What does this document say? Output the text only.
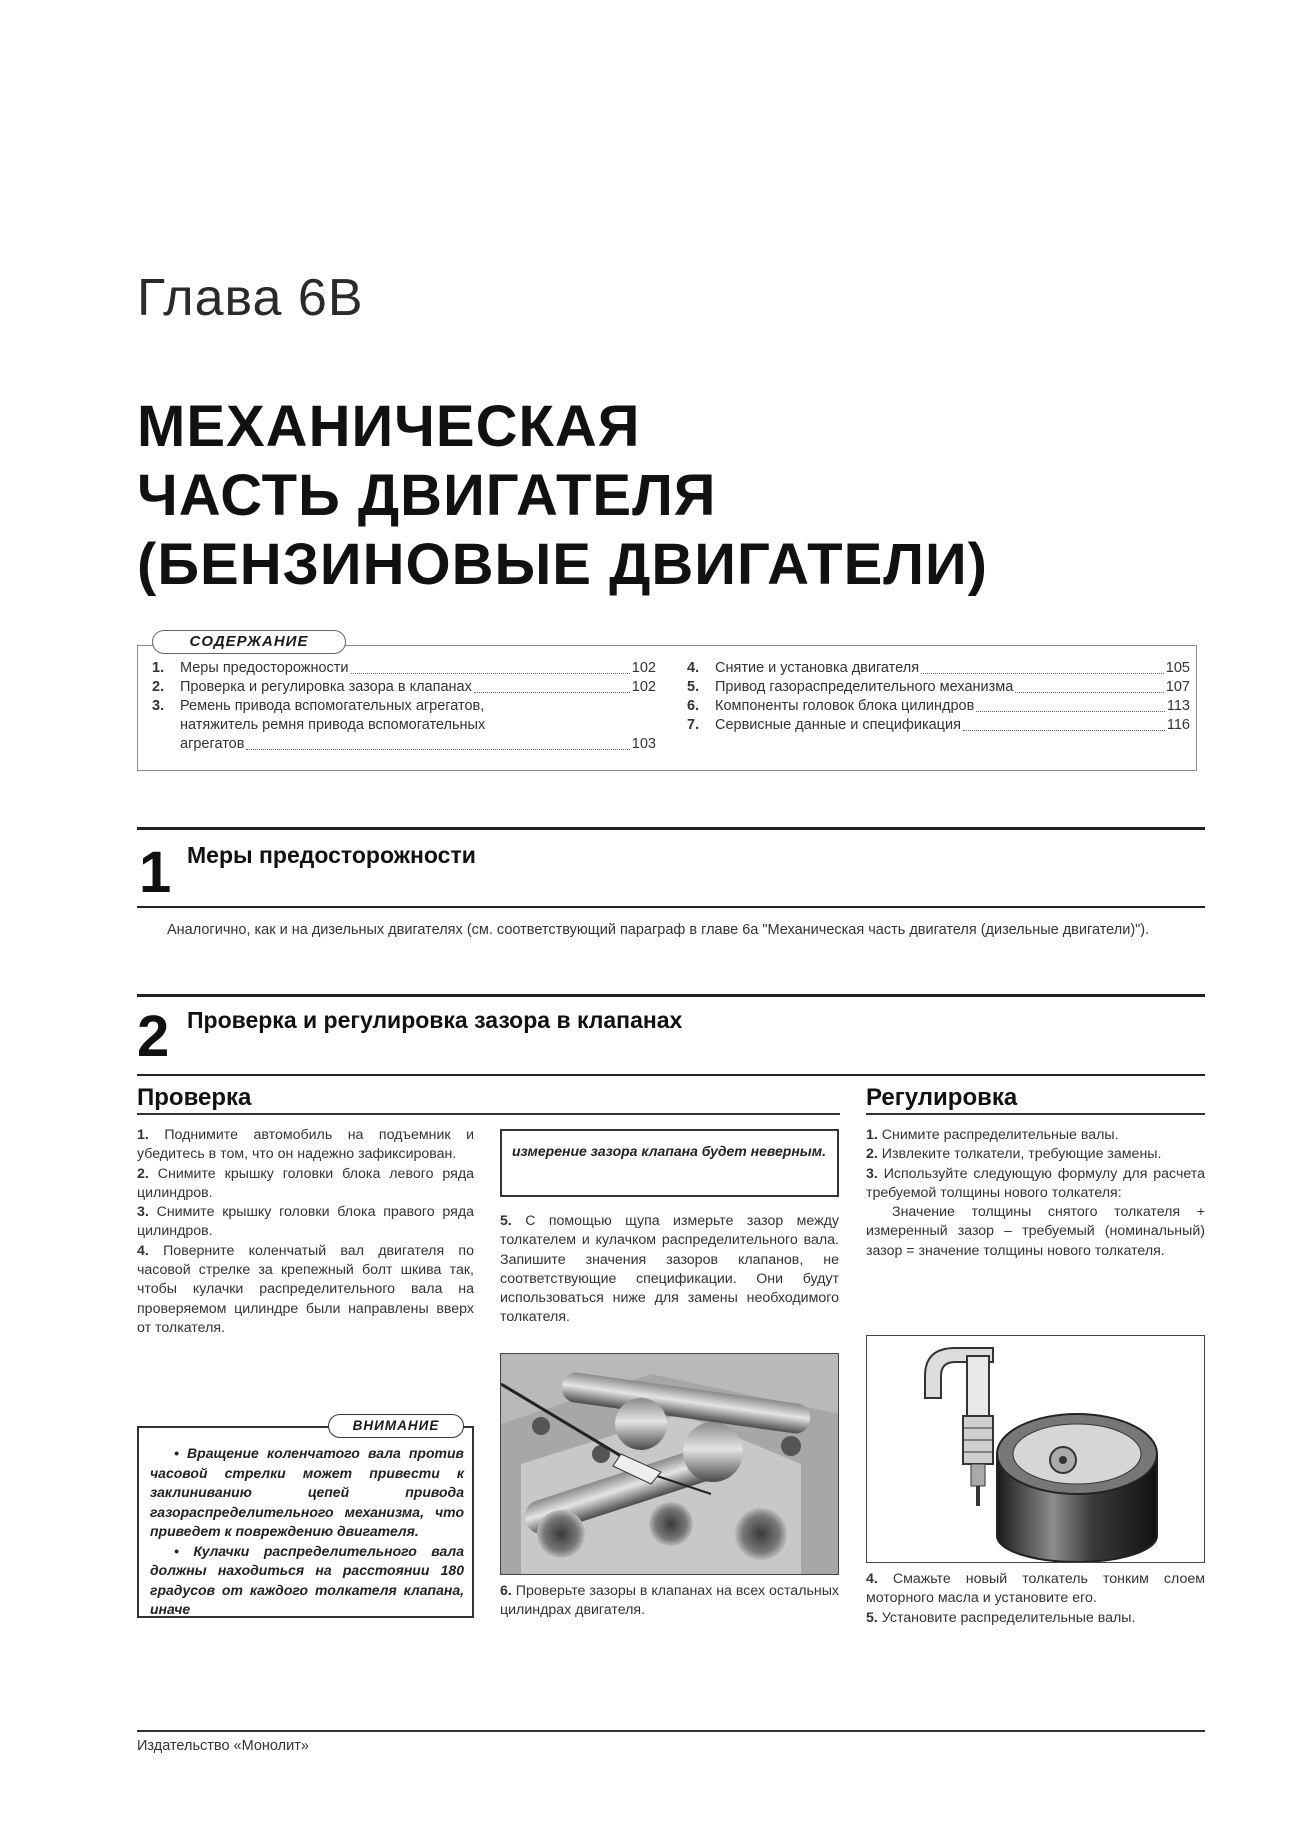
Глава 6В
МЕХАНИЧЕСКАЯ
ЧАСТЬ ДВИГАТЕЛЯ
(БЕНЗИНОВЫЕ ДВИГАТЕЛИ)
СОДЕРЖАНИЕ
1.	Меры предосторожности	102
2.	Проверка и регулировка зазора в клапанах	102
3.	Ремень привода вспомогательных агрегатов,
натяжитель ремня привода вспомогательных
агрегатов	103
4.	Снятие и установка двигателя	105
5.	Привод газораспределительного механизма	107
6.	Компоненты головок блока цилиндров	113
7.	Сервисные данные и спецификация	116
1 Меры предосторожности
Аналогично, как и на дизельных двигателях (см. соответствующий параграф в главе 6а "Механическая часть двигателя (дизельные двигатели)").
2 Проверка и регулировка зазора в клапанах
Проверка	Регулировка

1. Поднимите автомобиль на подъемник и убедитесь в том, что он надежно зафиксирован.

2. Снимите крышку головки блока левого ряда цилиндров.

3. Снимите крышку головки блока правого ряда цилиндров.

4. Поверните коленчатый вал двигателя по часовой стрелке за крепежный болт шкива так, чтобы кулачки распределительного вала на проверяемом цилиндре были направлены вверх от толкателя.

ВНИМАНИЕ

• Вращение коленчатого вала против часовой стрелки может привести к заклиниванию цепей привода газораспределительного механизма, что приведет к повреждению двигателя.

• Кулачки распределительного вала должны находиться на расстоянии 180 градусов от каждого толкателя клапана, иначе

измерение зазора клапана будет неверным.

5. С помощью щупа измерьте зазор между толкателем и кулачком распределительного вала. Запишите значения зазоров клапанов, не соответствующие спецификации. Они будут использоваться ниже для замены необходимого толкателя.

6. Проверьте зазоры в клапанах на всех остальных цилиндрах двигателя.

1. Снимите распределительные валы.

2. Извлеките толкатели, требующие замены.

3. Используйте следующую формулу для расчета требуемой толщины нового толкателя:

Значение толщины снятого толкателя + измеренный зазор – требуемый (номинальный) зазор = значение толщины нового толкателя.

4. Смажьте новый толкатель тонким слоем моторного масла и установите его.

5. Установите распределительные валы.

Издательство «Монолит»
